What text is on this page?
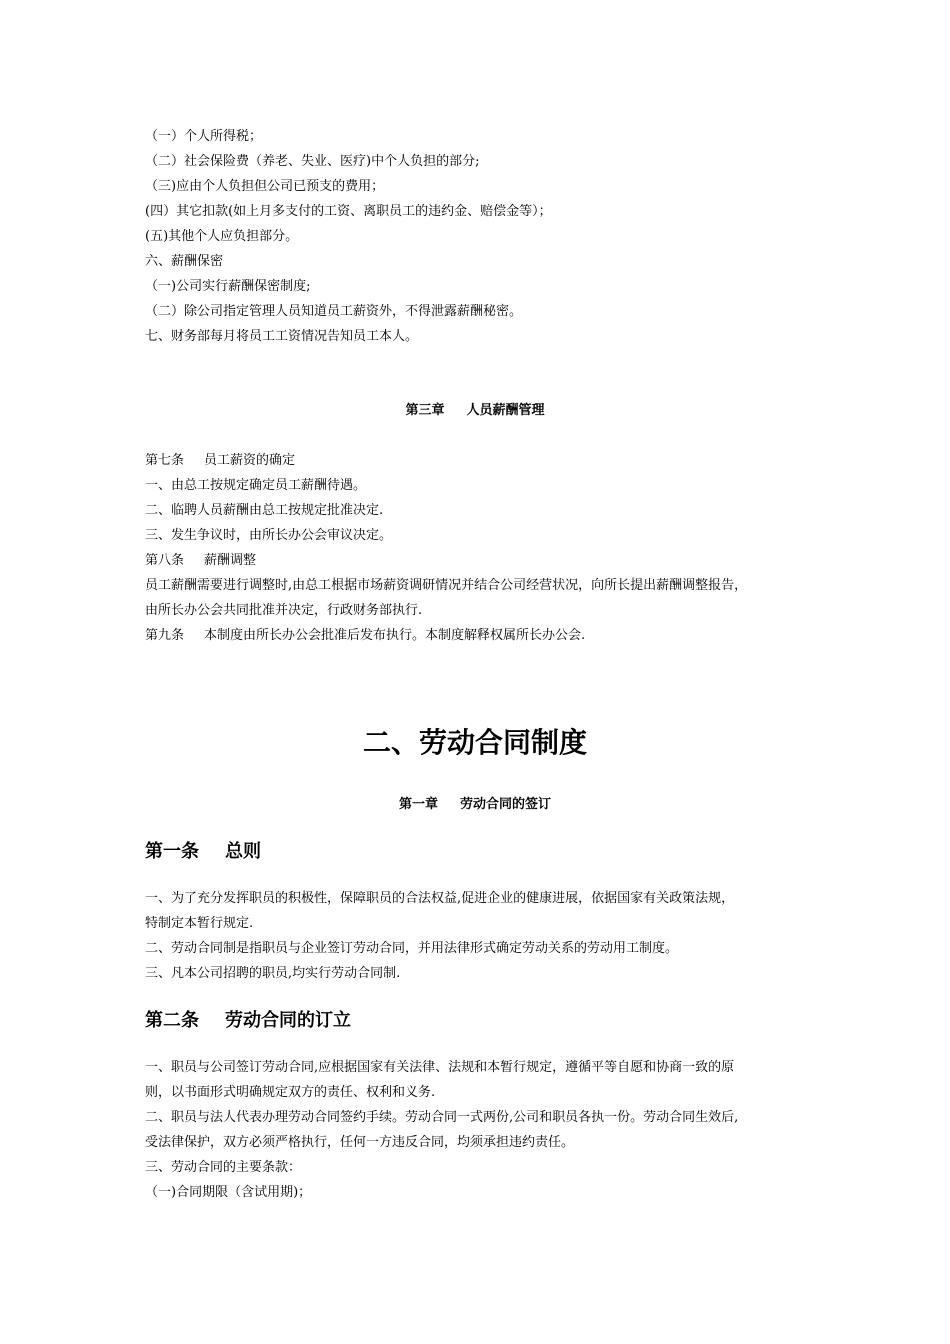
（一）个人所得税；
（二）社会保险费（养老、失业、医疗)中个人负担的部分;
（三)应由个人负担但公司已预支的费用；
(四）其它扣款(如上月多支付的工资、离职员工的违约金、赔偿金等）；
(五)其他个人应负担部分。
六、薪酬保密
（一)公司实行薪酬保密制度;
（二）除公司指定管理人员知道员工薪资外，不得泄露薪酬秘密。
七、财务部每月将员工工资情况告知员工本人。
第三章 人员薪酬管理
第七条 员工薪资的确定
一、由总工按规定确定员工薪酬待遇。
二、临聘人员薪酬由总工按规定批准决定.
三、发生争议时，由所长办公会审议决定。
第八条 薪酬调整
员工薪酬需要进行调整时,由总工根据市场薪资调研情况并结合公司经营状况，向所长提出薪酬调整报告，
由所长办公会共同批准并决定，行政财务部执行.
第九条 本制度由所长办公会批准后发布执行。本制度解释权属所长办公会.
二、劳动合同制度
第一章 劳动合同的签订
第一条 总则
一、为了充分发挥职员的积极性，保障职员的合法权益,促进企业的健康进展，依据国家有关政策法规，
特制定本暂行规定.
二、劳动合同制是指职员与企业签订劳动合同，并用法律形式确定劳动关系的劳动用工制度。
三、凡本公司招聘的职员,均实行劳动合同制.
第二条 劳动合同的订立
一、职员与公司签订劳动合同,应根据国家有关法律、法规和本暂行规定，遵循平等自愿和协商一致的原
则，以书面形式明确规定双方的责任、权利和义务.
二、职员与法人代表办理劳动合同签约手续。劳动合同一式两份,公司和职员各执一份。劳动合同生效后,
受法律保护，双方必须严格执行，任何一方违反合同，均须承担违约责任。
三、劳动合同的主要条款：
（一)合同期限（含试用期)；
